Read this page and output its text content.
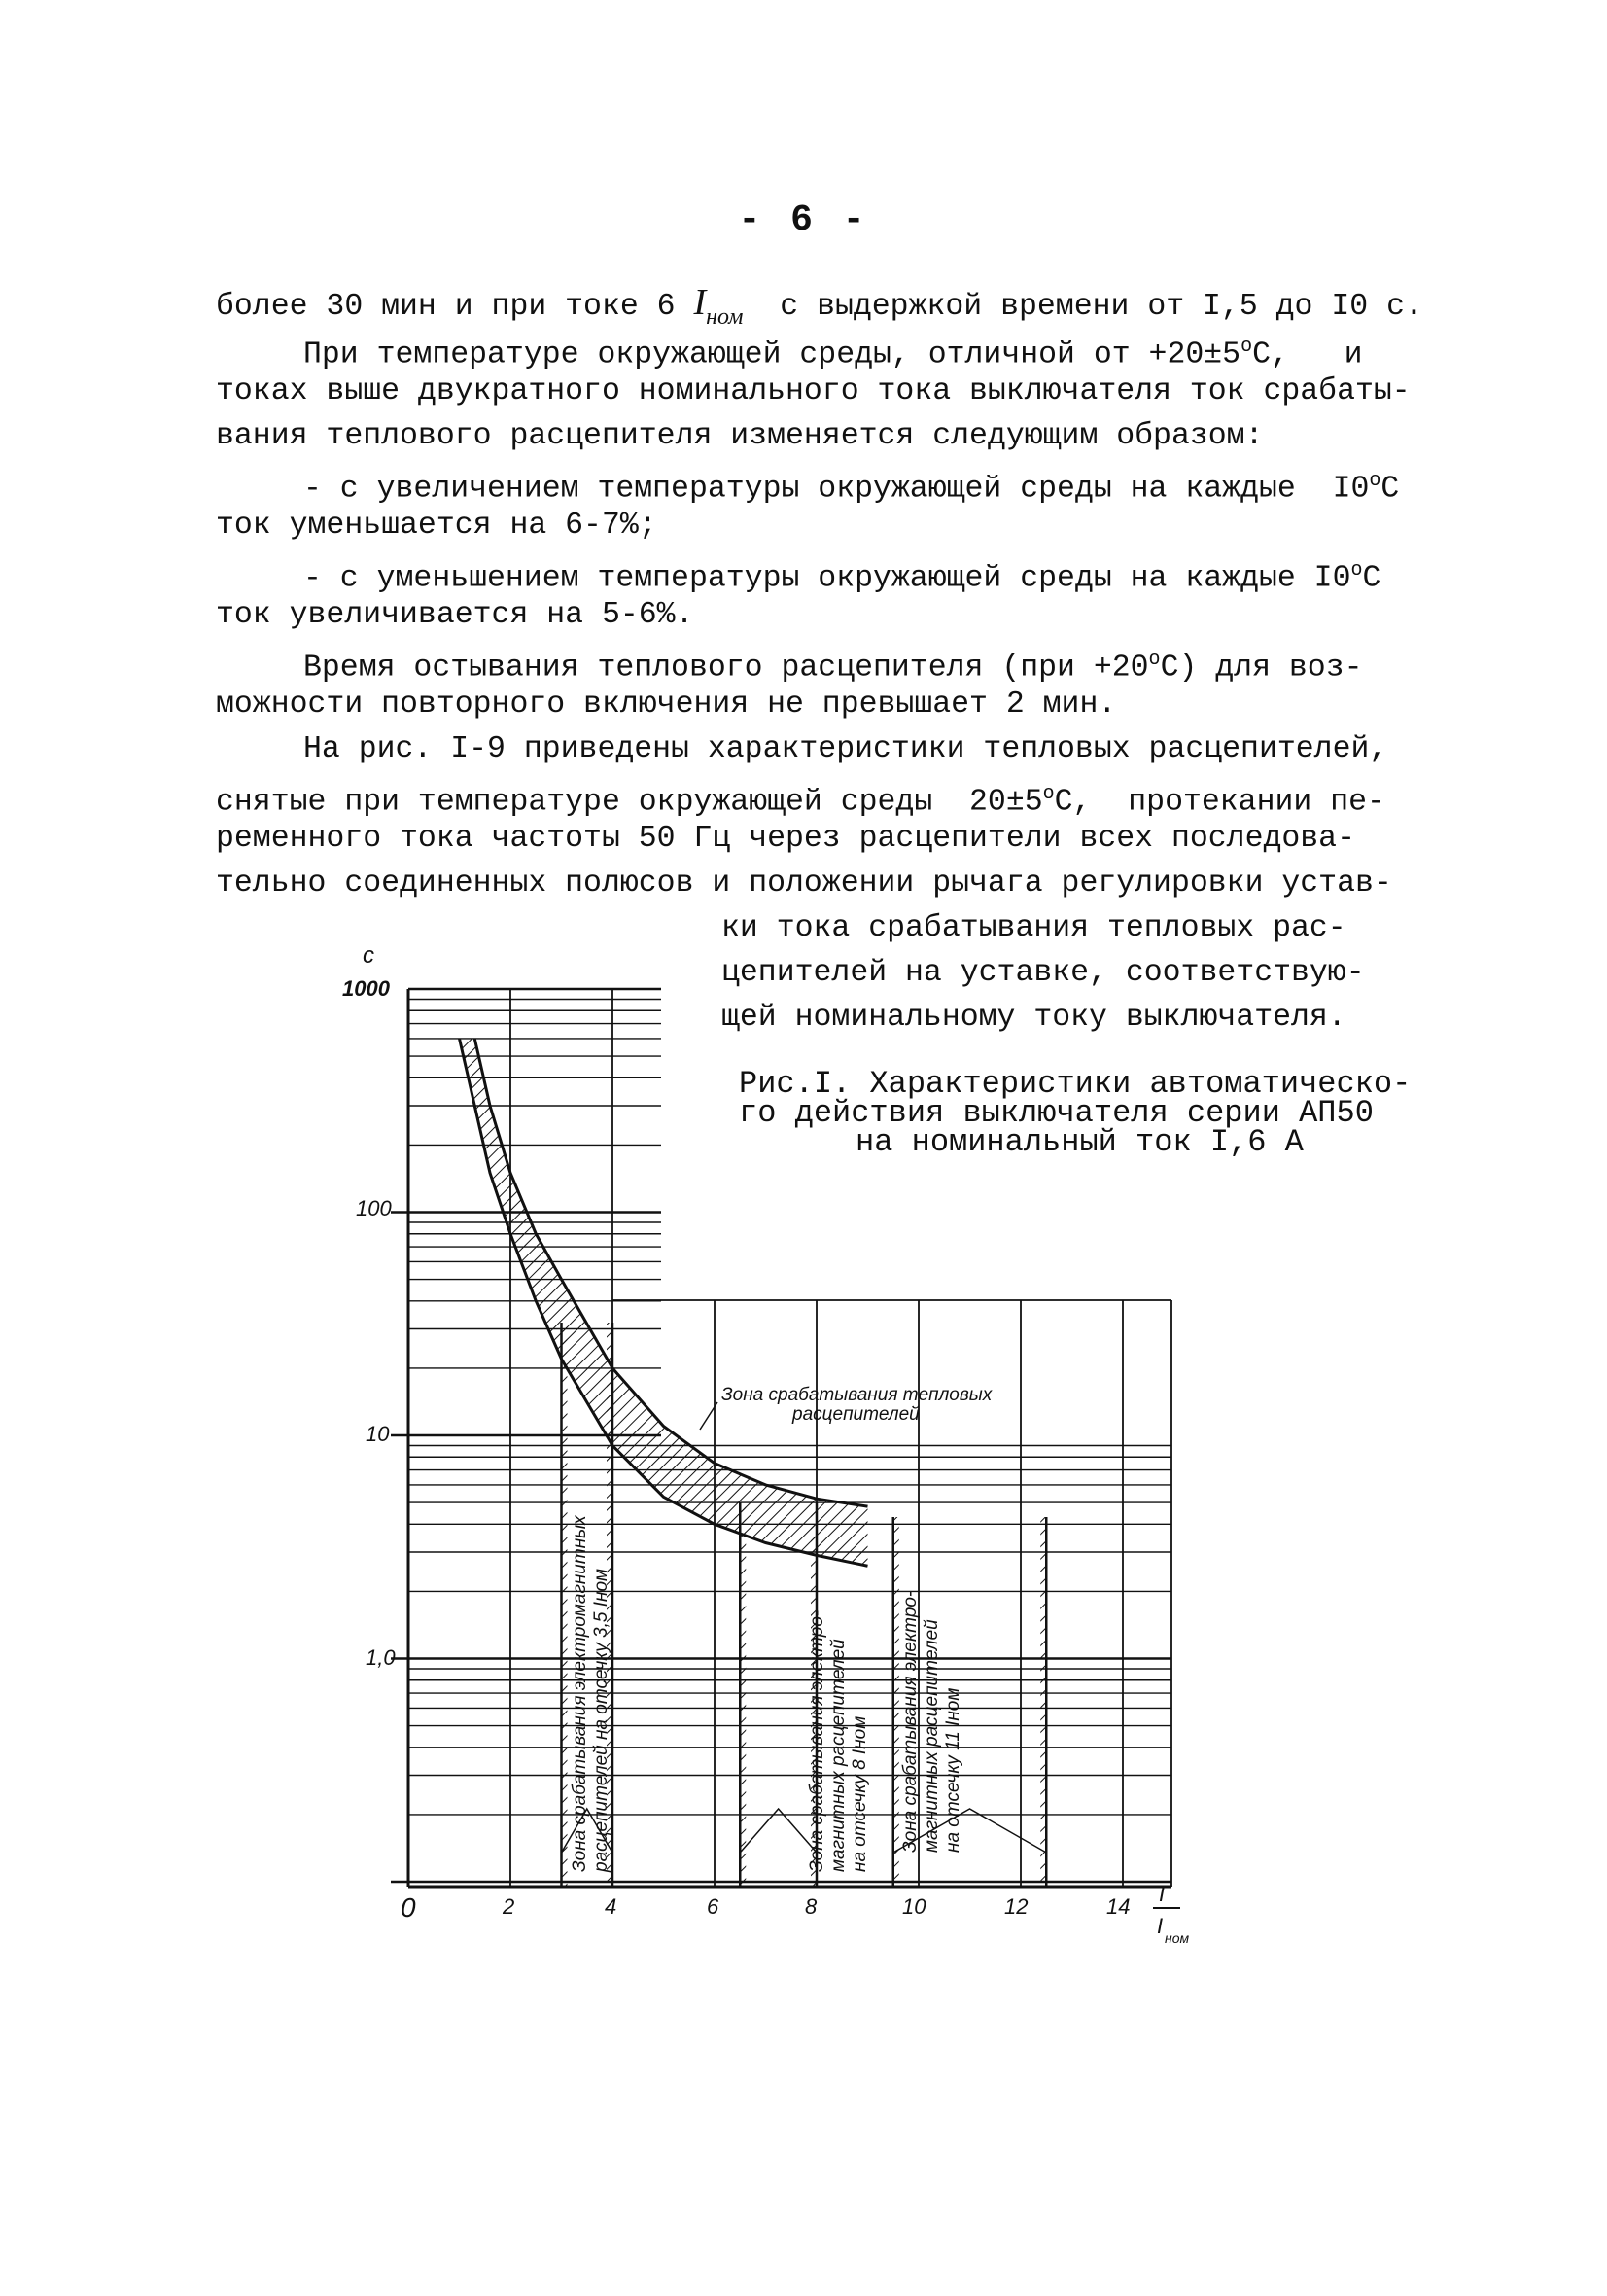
- 6 -
более 30 мин и при токе 6 $I_{ном}$ с выдержкой времени от I,5 до I0 с.
При температуре окружающей среды, отличной от $+20\pm 5^оС$,   и
токах выше двукратного номинального тока выключателя ток срабаты-
вания теплового расцепителя изменяется следующим образом:
- с увеличением температуры окружающей среды на каждые  $I0^оС$
ток уменьшается на 6-7%;
- с уменьшением температуры окружающей среды на каждые $I0^оС$
ток увеличивается на 5-6%.
Время остывания теплового расцепителя $(при +20^оС)$ для воз-
можности повторного включения не превышает 2 мин.
На рис. I-9 приведены характеристики тепловых расцепителей,
снятые при температуре окружающей среды  $20\pm 5^оС$,  протекании пе-
ременного тока частоты 50 Гц через расцепители всех последова-
тельно соединенных полюсов и положении рычага регулировки устав-
ки тока срабатывания тепловых рас-
цепителей на уставке, соответствую-
щей номинальному току выключателя.
Рис.I. Характеристики автоматическо-
го действия выключателя серии АП50
на номинальный ток I,6 А
с
1000
100
10
1,0
0	2	4	6	8	10	12	14
I
I ном
Зона срабатывания тепловых
расцепителей
Зона срабатывания электромагнитных расцепителей на отсечку 3,5 Iном	Зона срабатывания электро- магнитных расцепителей на отсечку 8 Iном Зона срабатывания электро- магнитных расцепителей на отсечку 11 Iном
